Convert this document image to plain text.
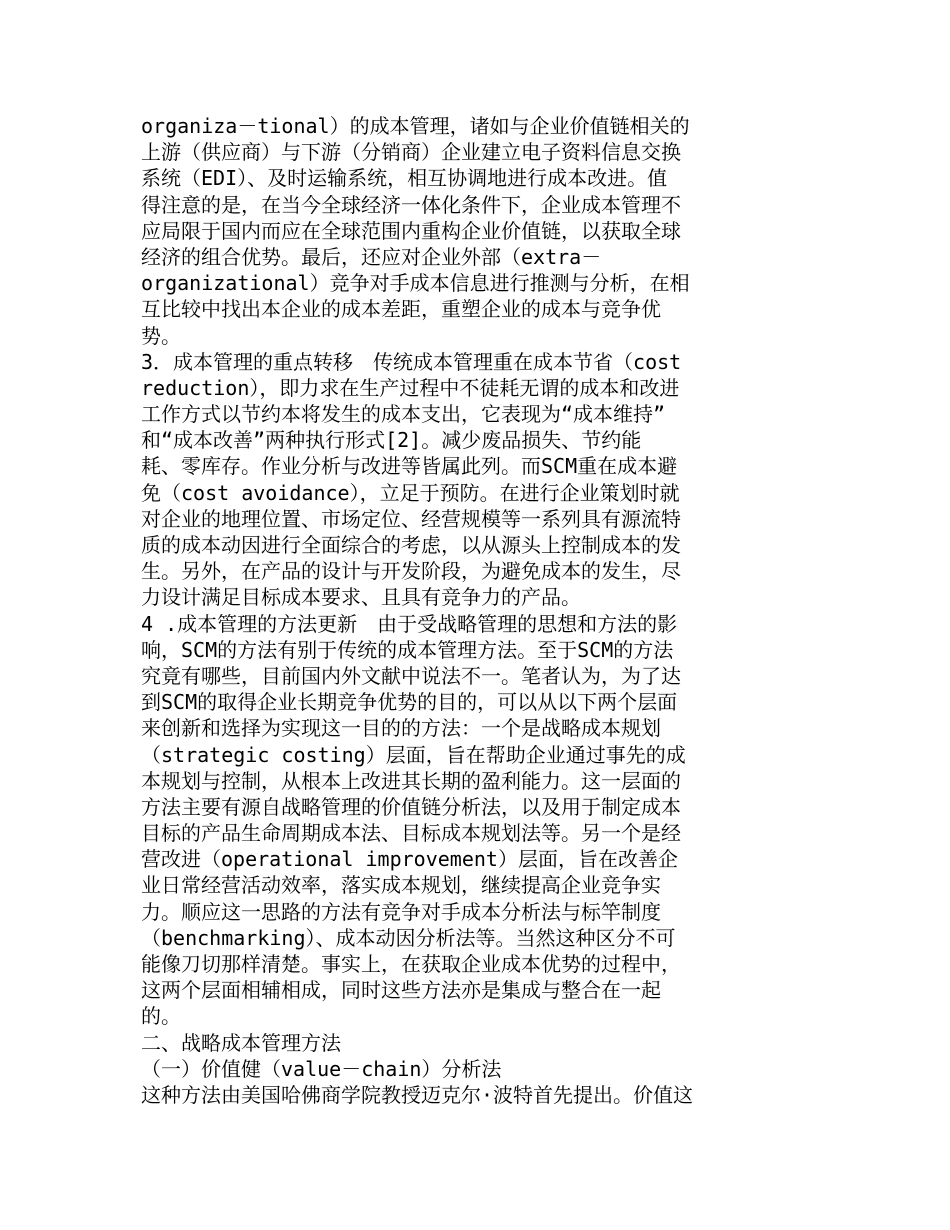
organiza－tional）的成本管理，诸如与企业价值链相关的
上游（供应商）与下游（分销商）企业建立电子资料信息交换
系统（EDI）、及时运输系统，相互协调地进行成本改进。值
得注意的是，在当今全球经济一体化条件下，企业成本管理不
应局限于国内而应在全球范围内重构企业价值链，以获取全球
经济的组合优势。最后，还应对企业外部（extra－
organizational）竞争对手成本信息进行推测与分析，在相
互比较中找出本企业的成本差距，重塑企业的成本与竞争优
势。
3．成本管理的重点转移　传统成本管理重在成本节省（cost
reduction），即力求在生产过程中不徒耗无谓的成本和改进
工作方式以节约本将发生的成本支出，它表现为“成本维持”
和“成本改善”两种执行形式[2]。减少废品损失、节约能
耗、零库存。作业分析与改进等皆属此列。而SCM重在成本避
免（cost avoidance），立足于预防。在进行企业策划时就
对企业的地理位置、市场定位、经营规模等一系列具有源流特
质的成本动因进行全面综合的考虑，以从源头上控制成本的发
生。另外，在产品的设计与开发阶段，为避免成本的发生，尽
力设计满足目标成本要求、且具有竞争力的产品。
4 .成本管理的方法更新　由于受战略管理的思想和方法的影
响，SCM的方法有别于传统的成本管理方法。至于SCM的方法
究竟有哪些，目前国内外文献中说法不一。笔者认为，为了达
到SCM的取得企业长期竞争优势的目的，可以从以下两个层面
来创新和选择为实现这一目的的方法：一个是战略成本规划
（strategic costing）层面，旨在帮助企业通过事先的成
本规划与控制，从根本上改进其长期的盈利能力。这一层面的
方法主要有源自战略管理的价值链分析法，以及用于制定成本
目标的产品生命周期成本法、目标成本规划法等。另一个是经
营改进（operational improvement）层面，旨在改善企
业日常经营活动效率，落实成本规划，继续提高企业竞争实
力。顺应这一思路的方法有竞争对手成本分析法与标竿制度
（benchmarking）、成本动因分析法等。当然这种区分不可
能像刀切那样清楚。事实上，在获取企业成本优势的过程中，
这两个层面相辅相成，同时这些方法亦是集成与整合在一起
的。
二、战略成本管理方法
（一）价值健（value－chain）分析法
这种方法由美国哈佛商学院教授迈克尔·波特首先提出。价值这
